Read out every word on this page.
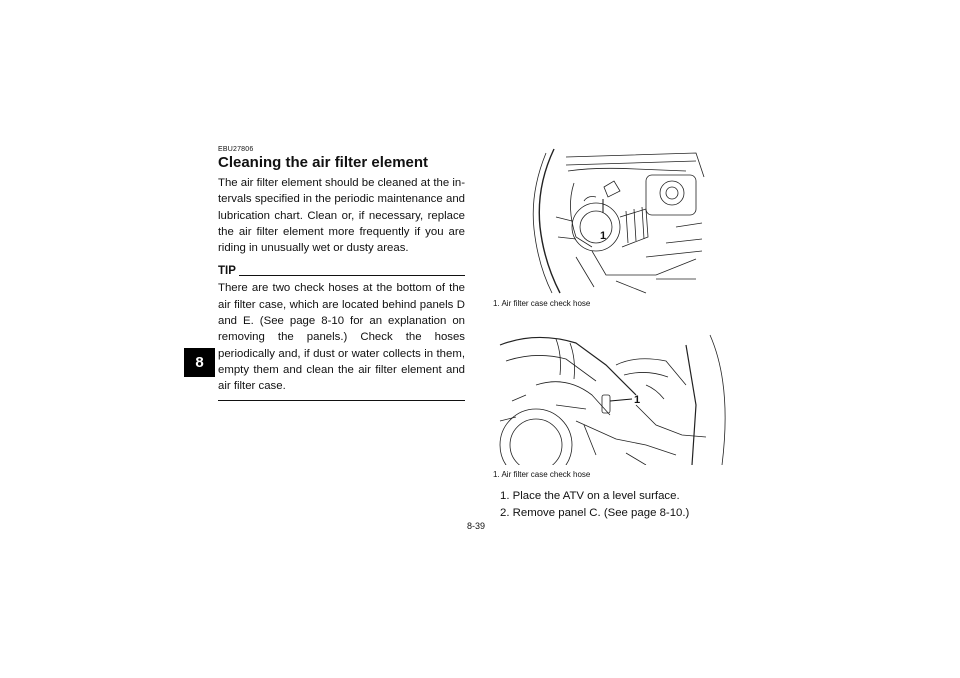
8
EBU27806
Cleaning the air filter element

The air filter element should be cleaned at the in-tervals specified in the periodic maintenance and lubrication chart. Clean or, if necessary, replace the air filter element more frequently if you are riding in unusually wet or dusty areas.

TIP

There are two check hoses at the bottom of the air filter case, which are located behind panels D and E. (See page 8-10 for an explanation on removing the panels.) Check the hoses periodically and, if dust or water collects in them, empty them and clean the air filter element and air filter case.

1
1. Air filter case check hose
1
1. Air filter case check hose
1. Place the ATV on a level surface.
2. Remove panel C. (See page 8-10.)
8-39
